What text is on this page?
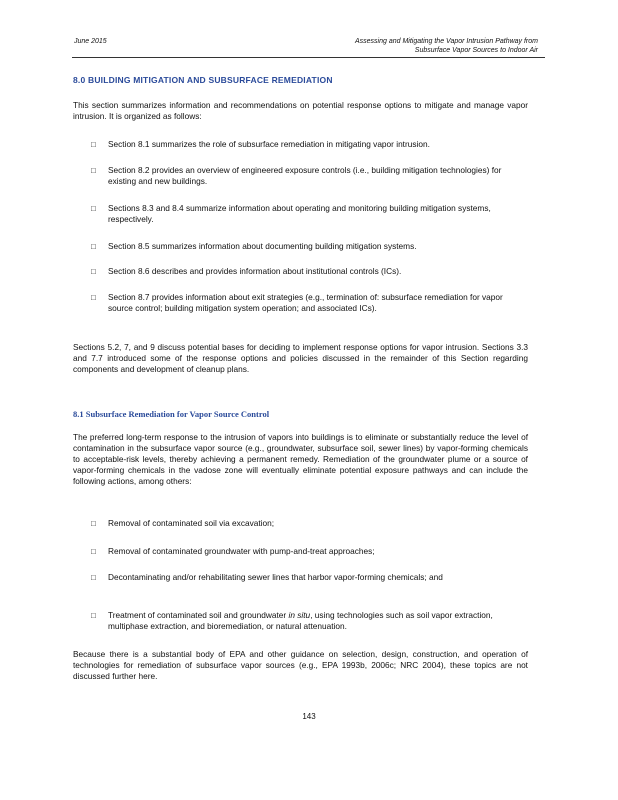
June 2015	Assessing and Mitigating the Vapor Intrusion Pathway from
Subsurface Vapor Sources to Indoor Air
8.0 BUILDING MITIGATION AND SUBSURFACE REMEDIATION
This section summarizes information and recommendations on potential response options to mitigate and manage vapor intrusion. It is organized as follows:
□ Section 8.1 summarizes the role of subsurface remediation in mitigating vapor intrusion.
□ Section 8.2 provides an overview of engineered exposure controls (i.e., building mitigation technologies) for existing and new buildings.
□ Sections 8.3 and 8.4 summarize information about operating and monitoring building mitigation systems, respectively.
□ Section 8.5 summarizes information about documenting building mitigation systems.
□ Section 8.6 describes and provides information about institutional controls (ICs).
□ Section 8.7 provides information about exit strategies (e.g., termination of: subsurface remediation for vapor source control; building mitigation system operation; and associated ICs).
Sections 5.2, 7, and 9 discuss potential bases for deciding to implement response options for vapor intrusion. Sections 3.3 and 7.7 introduced some of the response options and policies discussed in the remainder of this Section regarding components and development of cleanup plans.
8.1 Subsurface Remediation for Vapor Source Control
The preferred long-term response to the intrusion of vapors into buildings is to eliminate or substantially reduce the level of contamination in the subsurface vapor source (e.g., groundwater, subsurface soil, sewer lines) by vapor-forming chemicals to acceptable-risk levels, thereby achieving a permanent remedy. Remediation of the groundwater plume or a source of vapor-forming chemicals in the vadose zone will eventually eliminate potential exposure pathways and can include the following actions, among others:
□ Removal of contaminated soil via excavation;
□ Removal of contaminated groundwater with pump-and-treat approaches;
□ Decontaminating and/or rehabilitating sewer lines that harbor vapor-forming chemicals; and
□ Treatment of contaminated soil and groundwater in situ, using technologies such as soil vapor extraction, multiphase extraction, and bioremediation, or natural attenuation.
Because there is a substantial body of EPA and other guidance on selection, design, construction, and operation of technologies for remediation of subsurface vapor sources (e.g., EPA 1993b, 2006c; NRC 2004), these topics are not discussed further here.
143
